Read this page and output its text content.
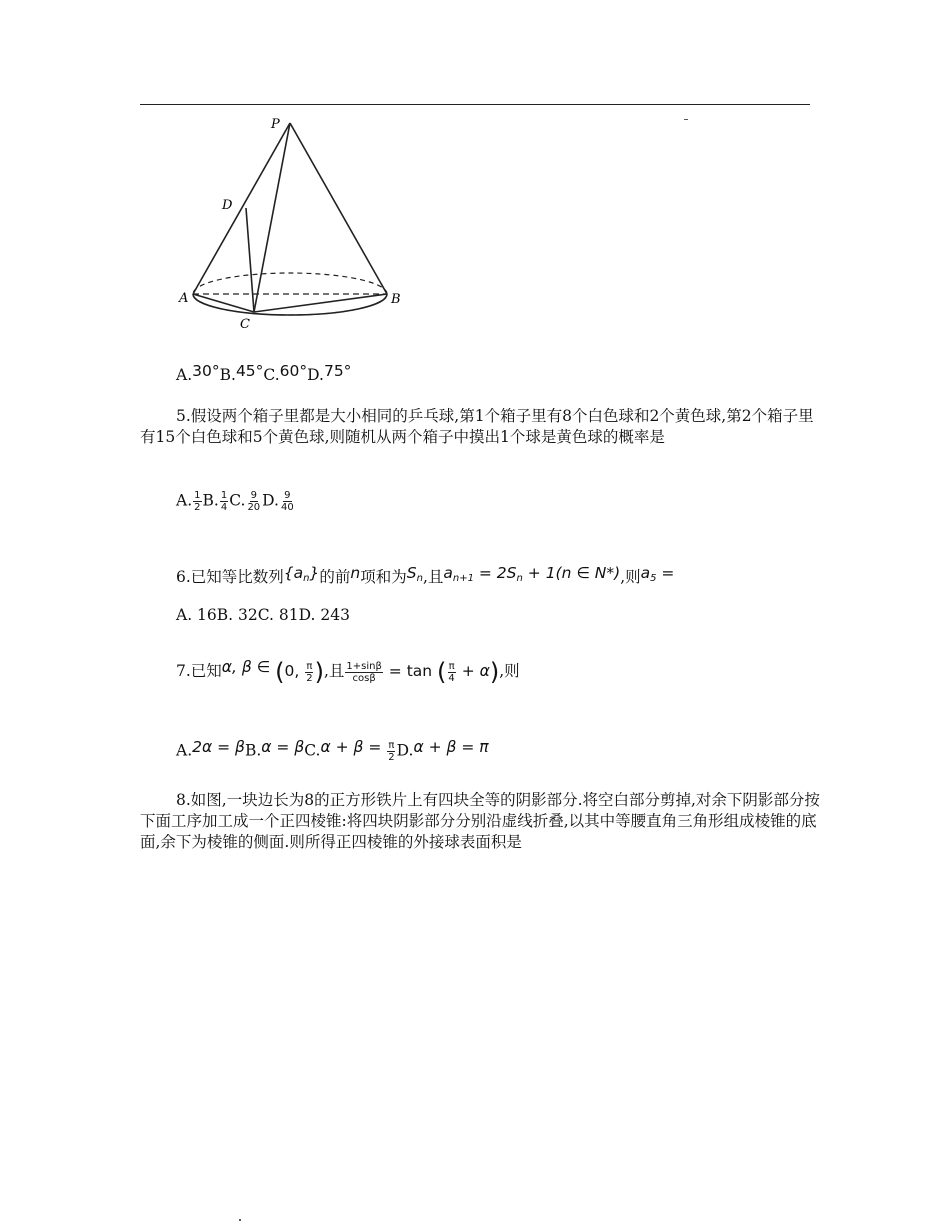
P
D
A	B
C
A.30°B.45°C.60°D.75°

5.假设两个箱子里都是大小相同的乒乓球,第1个箱子里有8个白色球和2个黄色球,第2个箱子里有15个白色球和5个黄色球,则随机从两个箱子中摸出1个球是黄色球的概率是

A. $\frac{1}{2} B$. $\frac{1}{4} C$. $\frac{9}{20} D$. $\frac{9}{40}$
6.已知等比数列$\{a_n\}$的前n项和为$S_n$,且$a_{n+1} = 2S_n + 1(n$ ∈ N*),则$a_5$ =
A. 16B. 32C. 81D. 243
7.已知α, β ∈ (0, $\frac{\pi}{2}$ ),且 $\frac{1+\sin\beta}{\cos\beta} = \tan$ ( $\frac{\pi}{4} + \alpha$),则
$A.2\alpha = \beta B.\alpha = \beta C.\alpha + \beta = \frac{\pi}{2} D.\alpha + \beta = \pi$

8.如图,一块边长为8的正方形铁片上有四块全等的阴影部分.将空白部分剪掉,对余下阴影部分按下面工序加工成一个正四棱锥:将四块阴影部分分别沿虚线折叠,以其中等腰直角三角形组成棱锥的底面,余下为棱锥的侧面.则所得正四棱锥的外接球表面积是
